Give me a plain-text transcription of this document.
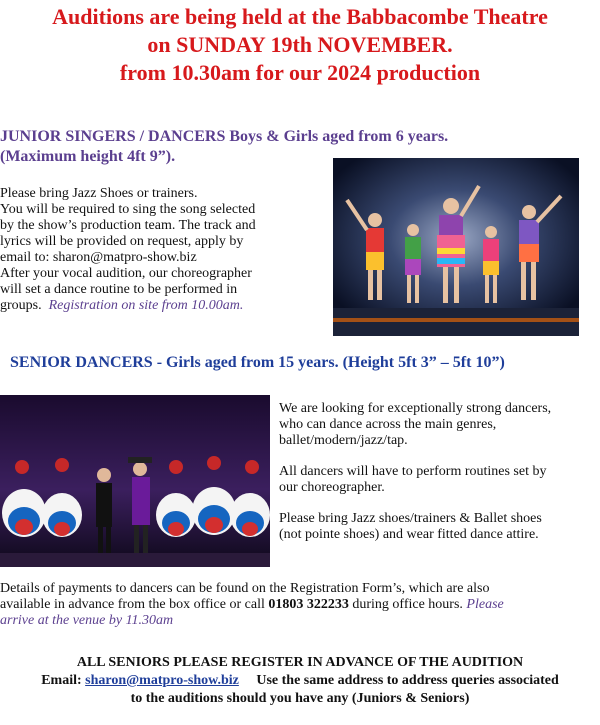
Auditions are being held at the Babbacombe Theatre
on SUNDAY 19th NOVEMBER.
from 10.30am for our 2024 production
JUNIOR SINGERS / DANCERS Boys & Girls aged from 6 years.
(Maximum height 4ft 9”).
Please bring Jazz Shoes or trainers.
You will be required to sing the song selected
by the show’s production team. The track and
lyrics will be provided on request, apply by
email to: sharon@matpro-show.biz
After your vocal audition, our choreographer
will set a dance routine to be performed in
groups.  Registration on site from 10.00am.
SENIOR DANCERS - Girls aged from 15 years. (Height 5ft 3” – 5ft 10”)
We are looking for exceptionally strong dancers,
who can dance across the main genres,
ballet/modern/jazz/tap.
All dancers will have to perform routines set by
our choreographer.
Please bring Jazz shoes/trainers & Ballet shoes
(not pointe shoes) and wear fitted dance attire.
Details of payments to dancers can be found on the Registration Form’s, which are also
available in advance from the box office or call 01803 322233 during office hours. Please
arrive at the venue by 11.30am
ALL SENIORS PLEASE REGISTER IN ADVANCE OF THE AUDITION
Email: sharon@matpro-show.biz     Use the same address to address queries associated
to the auditions should you have any (Juniors & Seniors)
